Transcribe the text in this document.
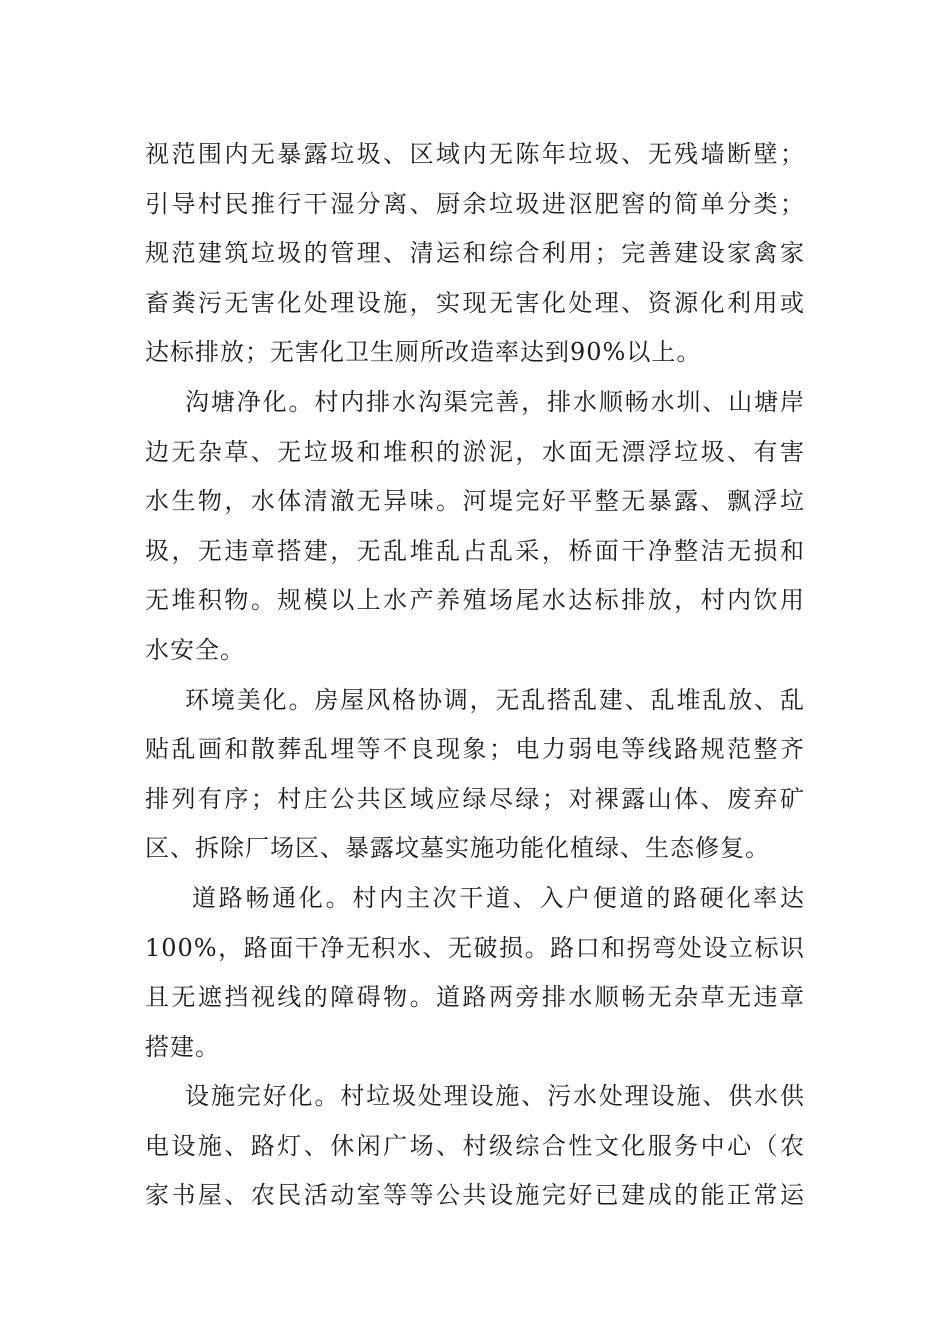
视范围内无暴露垃圾、区域内无陈年垃圾、无残墙断壁；
引导村民推行干湿分离、厨余垃圾进沤肥窖的简单分类；
规范建筑垃圾的管理、清运和综合利用；完善建设家禽家
畜粪污无害化处理设施，实现无害化处理、资源化利用或
达标排放；无害化卫生厕所改造率达到90%以上。

沟塘净化。村内排水沟渠完善，排水顺畅水圳、山塘岸
边无杂草、无垃圾和堆积的淤泥，水面无漂浮垃圾、有害
水生物，水体清澈无异味。河堤完好平整无暴露、飘浮垃
圾，无违章搭建，无乱堆乱占乱采，桥面干净整洁无损和
无堆积物。规模以上水产养殖场尾水达标排放，村内饮用
水安全。

环境美化。房屋风格协调，无乱搭乱建、乱堆乱放、乱
贴乱画和散葬乱埋等不良现象；电力弱电等线路规范整齐
排列有序；村庄公共区域应绿尽绿；对裸露山体、废弃矿
区、拆除厂场区、暴露坟墓实施功能化植绿、生态修复。

道路畅通化。村内主次干道、入户便道的路硬化率达
100%，路面干净无积水、无破损。路口和拐弯处设立标识
且无遮挡视线的障碍物。道路两旁排水顺畅无杂草无违章
搭建。

设施完好化。村垃圾处理设施、污水处理设施、供水供
电设施、路灯、休闲广场、村级综合性文化服务中心（农
家书屋、农民活动室等等公共设施完好已建成的能正常运
